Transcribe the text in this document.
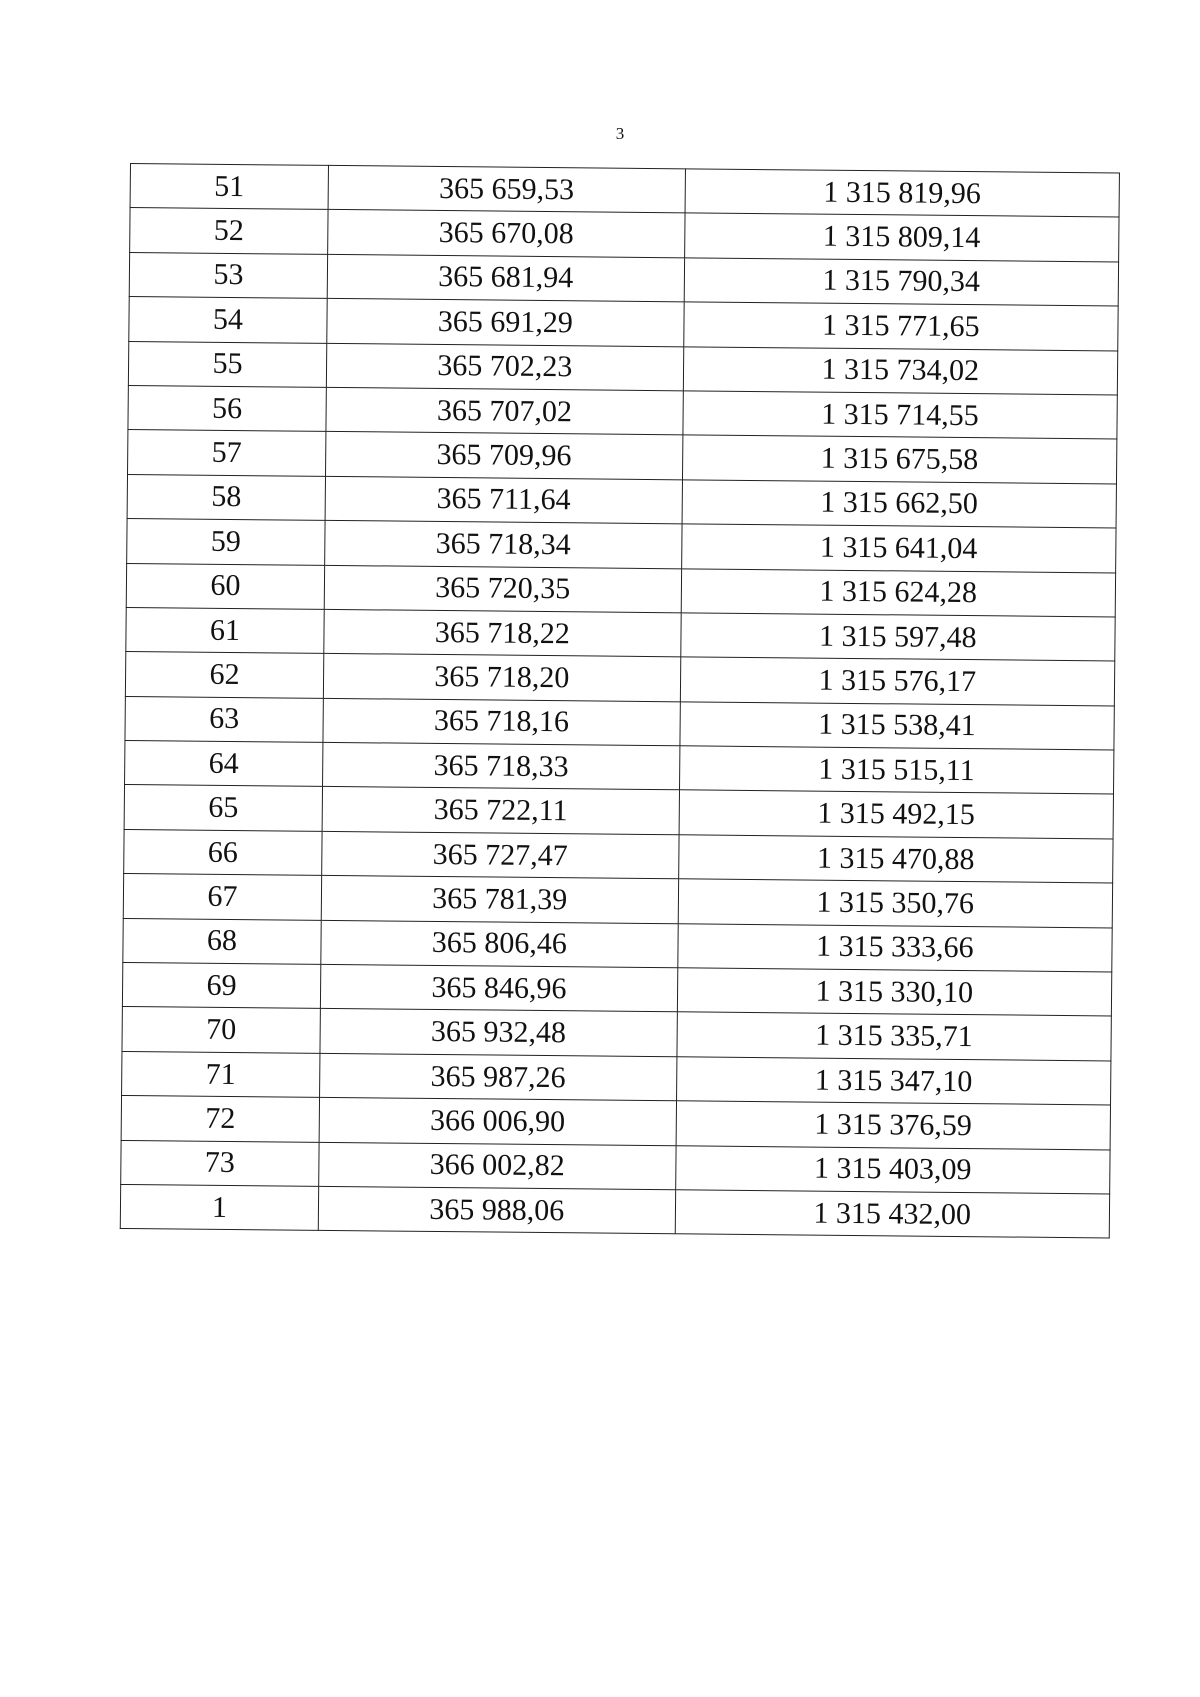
3
51	365 659,53	1 315 819,96
52	365 670,08	1 315 809,14
53	365 681,94	1 315 790,34
54	365 691,29	1 315 771,65
55	365 702,23	1 315 734,02
56	365 707,02	1 315 714,55
57	365 709,96	1 315 675,58
58	365 711,64	1 315 662,50
59	365 718,34	1 315 641,04
60	365 720,35	1 315 624,28
61	365 718,22	1 315 597,48
62	365 718,20	1 315 576,17
63	365 718,16	1 315 538,41
64	365 718,33	1 315 515,11
65	365 722,11	1 315 492,15
66	365 727,47	1 315 470,88
67	365 781,39	1 315 350,76
68	365 806,46	1 315 333,66
69	365 846,96	1 315 330,10
70	365 932,48	1 315 335,71
71	365 987,26	1 315 347,10
72	366 006,90	1 315 376,59
73	366 002,82	1 315 403,09
1	365 988,06	1 315 432,00
